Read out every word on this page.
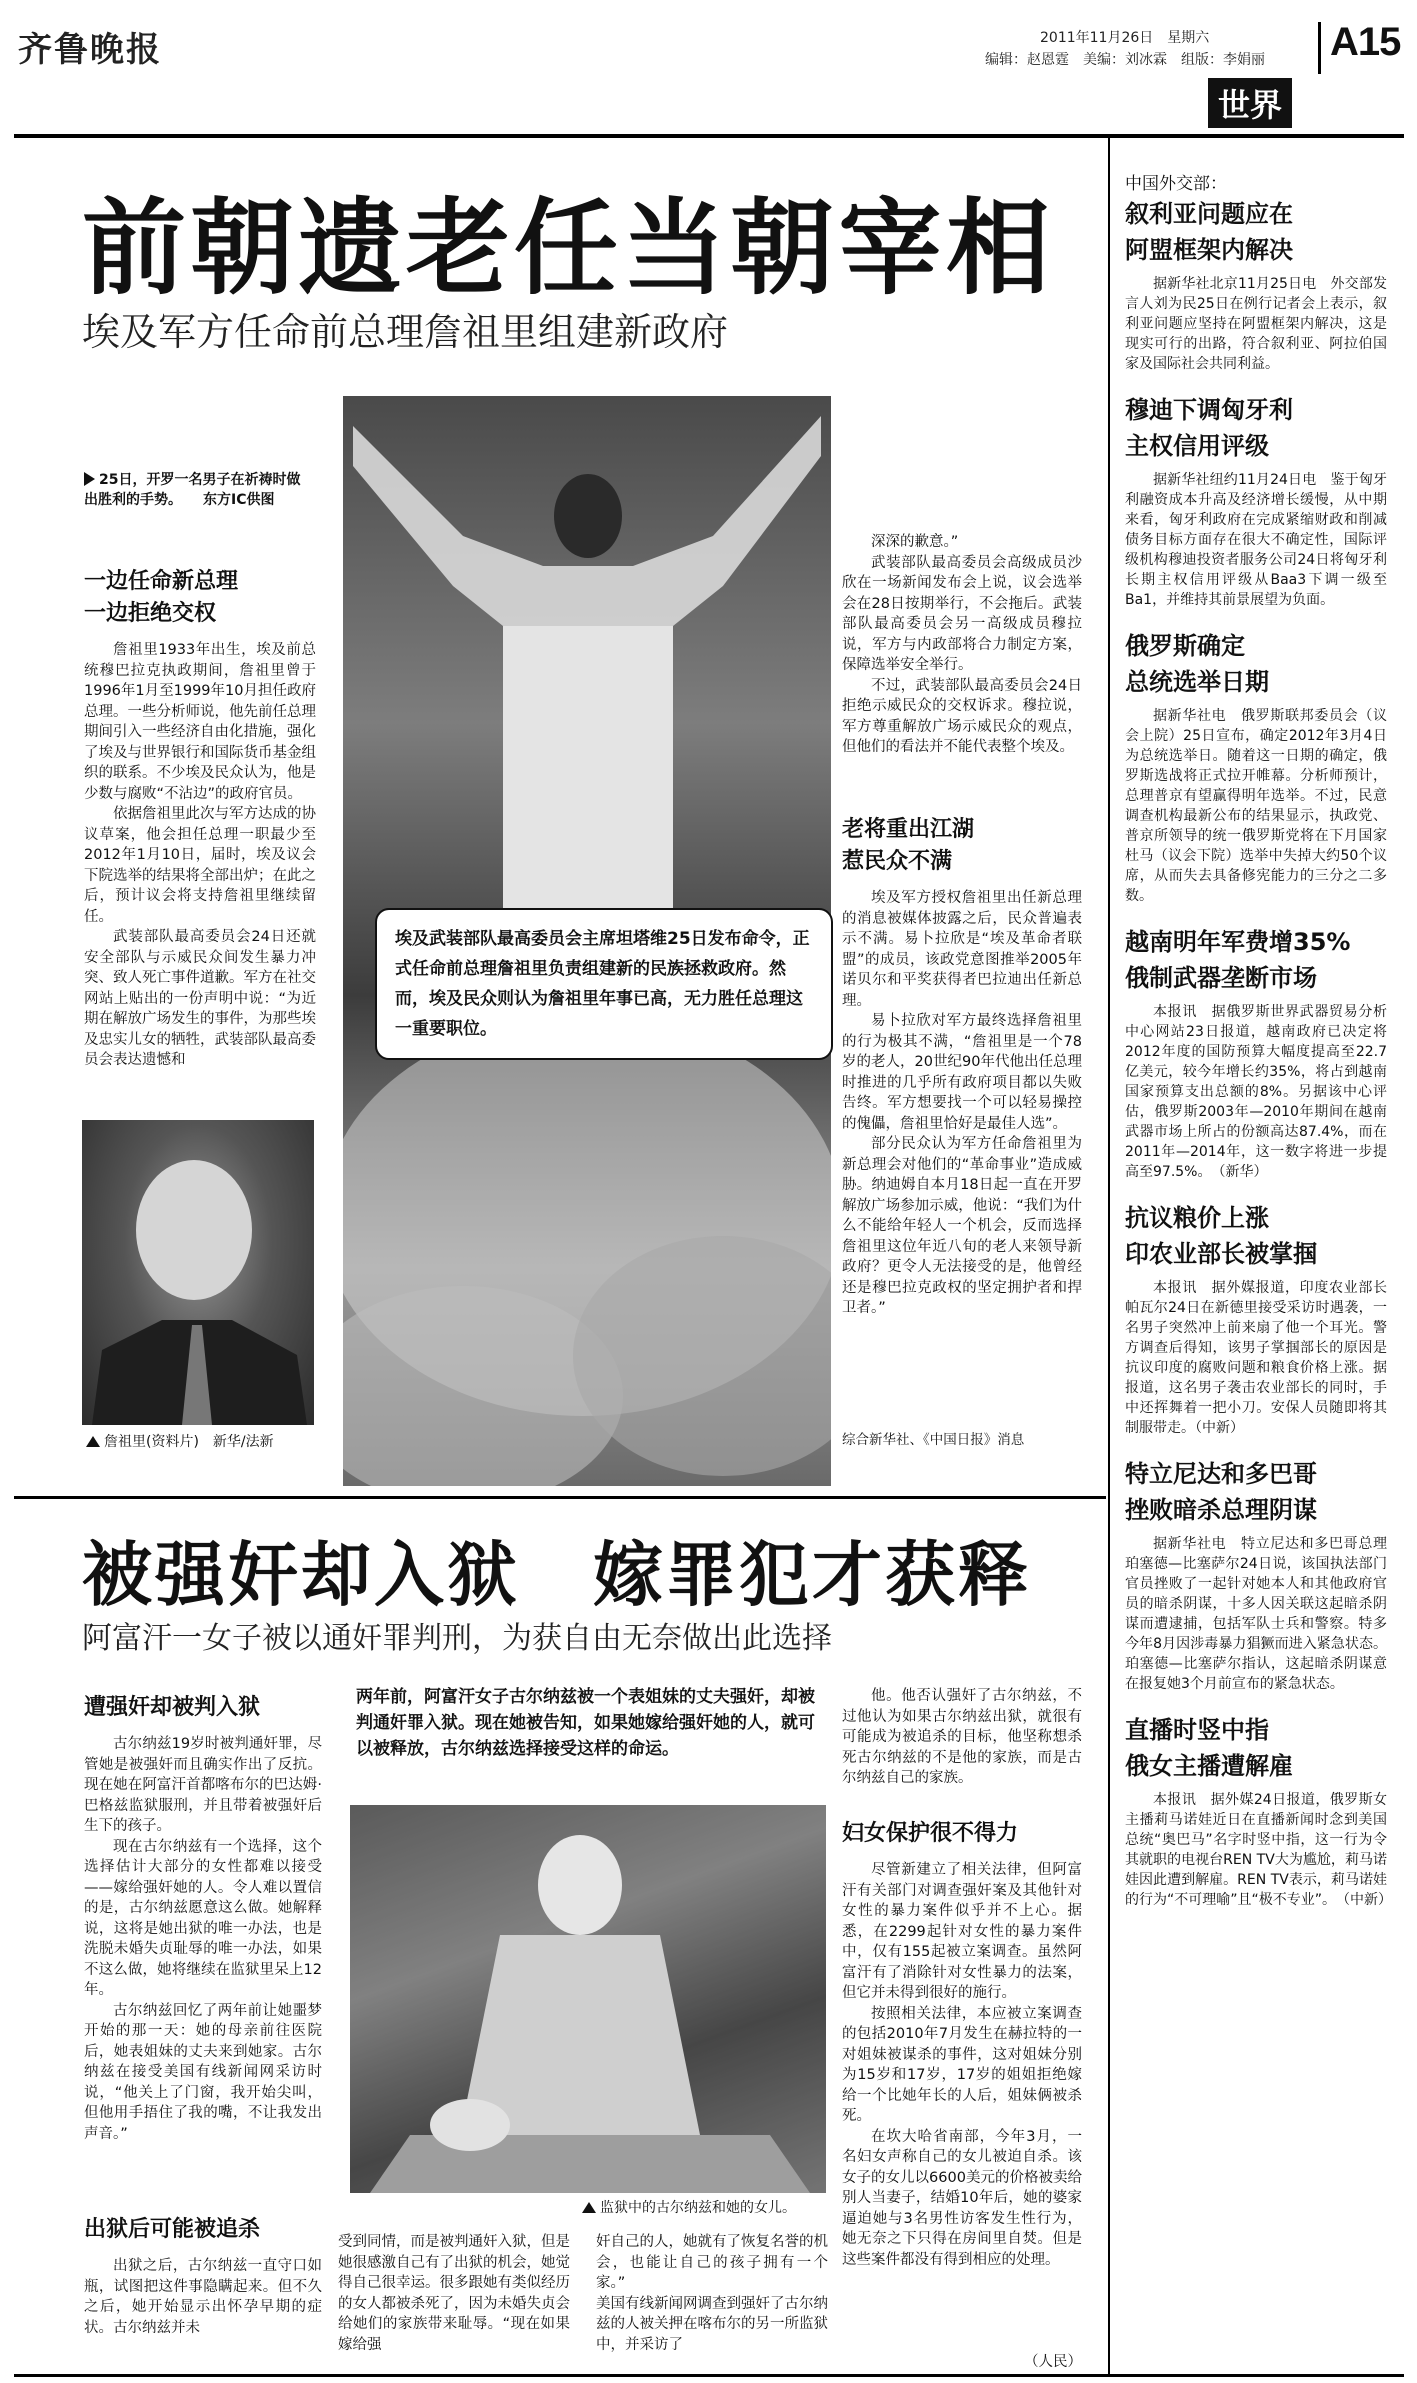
齐鲁晚报	2011年11月26日　星期六
编辑：赵恩霆　美编：刘冰霖　组版：李娟丽 A15
世界
前朝遗老任当朝宰相
埃及军方任命前总理詹祖里组建新政府
25日，开罗一名男子在祈祷时做出胜利的手势。　　东方IC供图
埃及武装部队最高委员会主席坦塔维25日发布命令，正式任命前总理詹祖里负责组建新的民族拯救政府。然而，埃及民众则认为詹祖里年事已高，无力胜任总理这一重要职位。
一边任命新总理
一边拒绝交权

詹祖里1933年出生，埃及前总统穆巴拉克执政期间，詹祖里曾于1996年1月至1999年10月担任政府总理。一些分析师说，他先前任总理期间引入一些经济自由化措施，强化了埃及与世界银行和国际货币基金组织的联系。不少埃及民众认为，他是少数与腐败“不沾边”的政府官员。

依据詹祖里此次与军方达成的协议草案，他会担任总理一职最少至2012年1月10日，届时，埃及议会下院选举的结果将全部出炉；在此之后，预计议会将支持詹祖里继续留任。

武装部队最高委员会24日还就安全部队与示威民众间发生暴力冲突、致人死亡事件道歉。军方在社交网站上贴出的一份声明中说：“为近期在解放广场发生的事件，为那些埃及忠实儿女的牺牲，武装部队最高委员会表达遗憾和

詹祖里(资料片)　新华/法新

深深的歉意。”

武装部队最高委员会高级成员沙欣在一场新闻发布会上说，议会选举会在28日按期举行，不会拖后。武装部队最高委员会另一高级成员穆拉说，军方与内政部将合力制定方案，保障选举安全举行。

不过，武装部队最高委员会24日拒绝示威民众的交权诉求。穆拉说，军方尊重解放广场示威民众的观点，但他们的看法并不能代表整个埃及。

老将重出江湖
惹民众不满

埃及军方授权詹祖里出任新总理的消息被媒体披露之后，民众普遍表示不满。易卜拉欣是“埃及革命者联盟”的成员，该政党意图推举2005年诺贝尔和平奖获得者巴拉迪出任新总理。

易卜拉欣对军方最终选择詹祖里的行为极其不满，“詹祖里是一个78岁的老人，20世纪90年代他出任总理时推进的几乎所有政府项目都以失败告终。军方想要找一个可以轻易操控的傀儡，詹祖里恰好是最佳人选”。

部分民众认为军方任命詹祖里为新总理会对他们的“革命事业”造成威胁。纳迪姆自本月18日起一直在开罗解放广场参加示威，他说：“我们为什么不能给年轻人一个机会，反而选择詹祖里这位年近八旬的老人来领导新政府？更令人无法接受的是，他曾经还是穆巴拉克政权的坚定拥护者和捍卫者。”

综合新华社、《中国日报》消息
被强奸却入狱　嫁罪犯才获释
阿富汗一女子被以通奸罪判刑，为获自由无奈做出此选择
两年前，阿富汗女子古尔纳兹被一个表姐妹的丈夫强奸，却被判通奸罪入狱。现在她被告知，如果她嫁给强奸她的人，就可以被释放，古尔纳兹选择接受这样的命运。
监狱中的古尔纳兹和她的女儿。
遭强奸却被判入狱

古尔纳兹19岁时被判通奸罪，尽管她是被强奸而且确实作出了反抗。现在她在阿富汗首都喀布尔的巴达姆·巴格兹监狱服刑，并且带着被强奸后生下的孩子。

现在古尔纳兹有一个选择，这个选择估计大部分的女性都难以接受——嫁给强奸她的人。令人难以置信的是，古尔纳兹愿意这么做。她解释说，这将是她出狱的唯一办法，也是洗脱未婚失贞耻辱的唯一办法，如果不这么做，她将继续在监狱里呆上12年。

古尔纳兹回忆了两年前让她噩梦开始的那一天：她的母亲前往医院后，她表姐妹的丈夫来到她家。古尔纳兹在接受美国有线新闻网采访时说，“他关上了门窗，我开始尖叫，但他用手捂住了我的嘴，不让我发出声音。”

出狱后可能被追杀

出狱之后，古尔纳兹一直守口如瓶，试图把这件事隐瞒起来。但不久之后，她开始显示出怀孕早期的症状。古尔纳兹并未

受到同情，而是被判通奸入狱，但是她很感激自己有了出狱的机会，她觉得自己很幸运。很多跟她有类似经历的女人都被杀死了，因为未婚失贞会给她们的家族带来耻辱。“现在如果嫁给强
奸自己的人，她就有了恢复名誉的机会，也能让自己的孩子拥有一个家。”
美国有线新闻网调查到强奸了古尔纳兹的人被关押在喀布尔的另一所监狱中，并采访了

他。他否认强奸了古尔纳兹，不过他认为如果古尔纳兹出狱，就很有可能成为被追杀的目标，他坚称想杀死古尔纳兹的不是他的家族，而是古尔纳兹自己的家族。

妇女保护很不得力

尽管新建立了相关法律，但阿富汗有关部门对调查强奸案及其他针对女性的暴力案件似乎并不上心。据悉，在2299起针对女性的暴力案件中，仅有155起被立案调查。虽然阿富汗有了消除针对女性暴力的法案，但它并未得到很好的施行。

按照相关法律，本应被立案调查的包括2010年7月发生在赫拉特的一对姐妹被谋杀的事件，这对姐妹分别为15岁和17岁，17岁的姐姐拒绝嫁给一个比她年长的人后，姐妹俩被杀死。

在坎大哈省南部，今年3月，一名妇女声称自己的女儿被迫自杀。该女子的女儿以6600美元的价格被卖给别人当妻子，结婚10年后，她的婆家逼迫她与3名男性访客发生性行为，她无奈之下只得在房间里自焚。但是这些案件都没有得到相应的处理。

（人民）
中国外交部：
叙利亚问题应在
阿盟框架内解决
据新华社北京11月25日电　外交部发言人刘为民25日在例行记者会上表示，叙利亚问题应坚持在阿盟框架内解决，这是现实可行的出路，符合叙利亚、阿拉伯国家及国际社会共同利益。
穆迪下调匈牙利
主权信用评级
据新华社纽约11月24日电　鉴于匈牙利融资成本升高及经济增长缓慢，从中期来看，匈牙利政府在完成紧缩财政和削减债务目标方面存在很大不确定性，国际评级机构穆迪投资者服务公司24日将匈牙利长期主权信用评级从Baa3下调一级至Ba1，并维持其前景展望为负面。
俄罗斯确定
总统选举日期
据新华社电　俄罗斯联邦委员会（议会上院）25日宣布，确定2012年3月4日为总统选举日。随着这一日期的确定，俄罗斯选战将正式拉开帷幕。分析师预计，总理普京有望赢得明年选举。不过，民意调查机构最新公布的结果显示，执政党、普京所领导的统一俄罗斯党将在下月国家杜马（议会下院）选举中失掉大约50个议席，从而失去具备修宪能力的三分之二多数。
越南明年军费增35%
俄制武器垄断市场
本报讯　据俄罗斯世界武器贸易分析中心网站23日报道，越南政府已决定将2012年度的国防预算大幅度提高至22.7亿美元，较今年增长约35%，将占到越南国家预算支出总额的8%。另据该中心评估，俄罗斯2003年—2010年期间在越南武器市场上所占的份额高达87.4%，而在2011年—2014年，这一数字将进一步提高至97.5%。　（新华）
抗议粮价上涨
印农业部长被掌掴
本报讯　据外媒报道，印度农业部长帕瓦尔24日在新德里接受采访时遇袭，一名男子突然冲上前来扇了他一个耳光。警方调查后得知，该男子掌掴部长的原因是抗议印度的腐败问题和粮食价格上涨。据报道，这名男子袭击农业部长的同时，手中还挥舞着一把小刀。安保人员随即将其制服带走。（中新）
特立尼达和多巴哥
挫败暗杀总理阴谋
据新华社电　特立尼达和多巴哥总理珀塞德—比塞萨尔24日说，该国执法部门官员挫败了一起针对她本人和其他政府官员的暗杀阴谋，十多人因关联这起暗杀阴谋而遭逮捕，包括军队士兵和警察。特多今年8月因涉毒暴力猖獗而进入紧急状态。珀塞德—比塞萨尔指认，这起暗杀阴谋意在报复她3个月前宣布的紧急状态。
直播时竖中指
俄女主播遭解雇
本报讯　据外媒24日报道，俄罗斯女主播莉马诺娃近日在直播新闻时念到美国总统“奥巴马”名字时竖中指，这一行为令其就职的电视台REN TV大为尴尬，莉马诺娃因此遭到解雇。REN TV表示，莉马诺娃的行为“不可理喻”且“极不专业”。　（中新）
